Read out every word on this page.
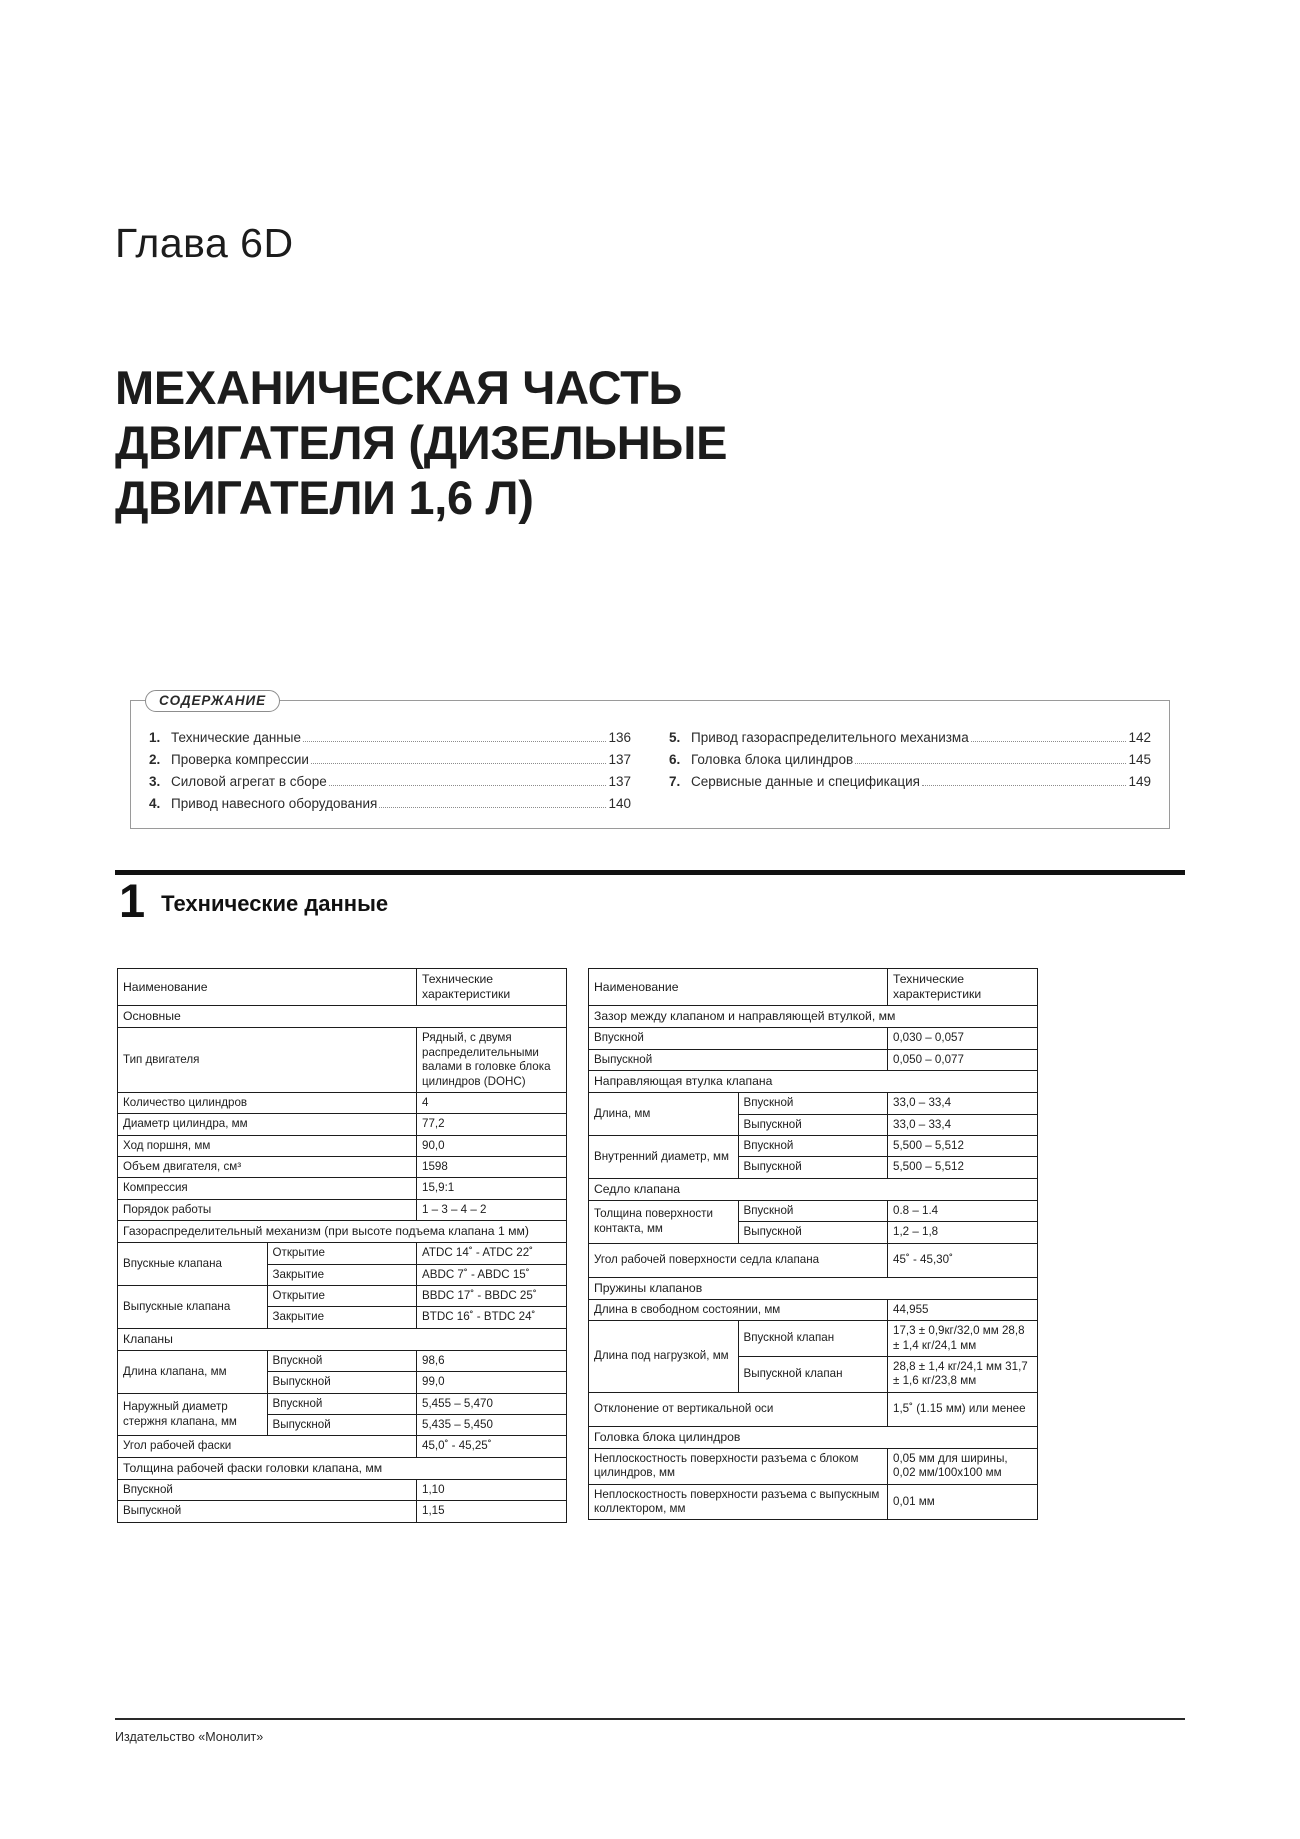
Глава 6D
МЕХАНИЧЕСКАЯ ЧАСТЬ ДВИГАТЕЛЯ (ДИЗЕЛЬНЫЕ ДВИГАТЕЛИ 1,6 Л)
СОДЕРЖАНИЕ
1. Технические данные	136
2. Проверка компрессии	137
3. Силовой агрегат в сборе	137
4. Привод навесного оборудования	140
5. Привод газораспределительного механизма	142
6. Головка блока цилиндров	145
7. Сервисные данные и спецификация	149
1 Технические данные
Наименование		Технические характеристики
Основные		
Тип двигателя		Рядный, с двумя распределительными валами в головке блока цилиндров (DOHC)
Количество цилиндров		4
Диаметр цилиндра, мм		77,2
Ход поршня, мм		90,0
Объем двигателя, см³		1598
Компрессия		15,9:1
Порядок работы		1 – 3 – 4 – 2
Газораспределительный механизм (при высоте подъема клапана 1 мм)		
Впускные клапана	Открытие	ATDC 14˚ - ATDC 22˚
	Закрытие	ABDC 7˚ - ABDC 15˚
Выпускные клапана	Открытие	BBDC 17˚ - BBDC 25˚
	Закрытие	BTDC 16˚ - BTDC 24˚
Клапаны		
Длина клапана, мм	Впускной	98,6
	Выпускной	99,0
Наружный диаметр стержня клапана, мм	Впускной	5,455 – 5,470
	Выпускной	5,435 – 5,450
Угол рабочей фаски		45,0˚ - 45,25˚
Толщина рабочей фаски головки клапана, мм		
Впускной		1,10
Выпускной		1,15
Наименование		Технические характеристики
Зазор между клапаном и направляющей втулкой, мм		
Впускной		0,030 – 0,057
Выпускной		0,050 – 0,077
Направляющая втулка клапана		
Длина, мм	Впускной	33,0 – 33,4
	Выпускной	33,0 – 33,4
Внутренний диаметр, мм	Впускной	5,500 – 5,512
	Выпускной	5,500 – 5,512
Седло клапана		
Толщина поверхности контакта, мм	Впускной	0.8 – 1.4
	Выпускной	1,2 – 1,8
Угол рабочей поверхности седла клапана		45˚ - 45,30˚
Пружины клапанов		
Длина в свободном состоянии, мм		44,955
Длина под нагрузкой, мм	Впускной клапан	17,3 ± 0,9кг/32,0 мм 28,8 ± 1,4 кг/24,1 мм
	Выпускной клапан	28,8 ± 1,4 кг/24,1 мм 31,7 ± 1,6 кг/23,8 мм
Отклонение от вертикальной оси		1,5˚ (1.15 мм) или менее
Головка блока цилиндров		
Неплоскостность поверхности разъема с блоком цилиндров, мм		0,05 мм для ширины, 0,02 мм/100x100 мм
Неплоскостность поверхности разъема с выпускным коллектором, мм		0,01 мм
Издательство «Монолит»
